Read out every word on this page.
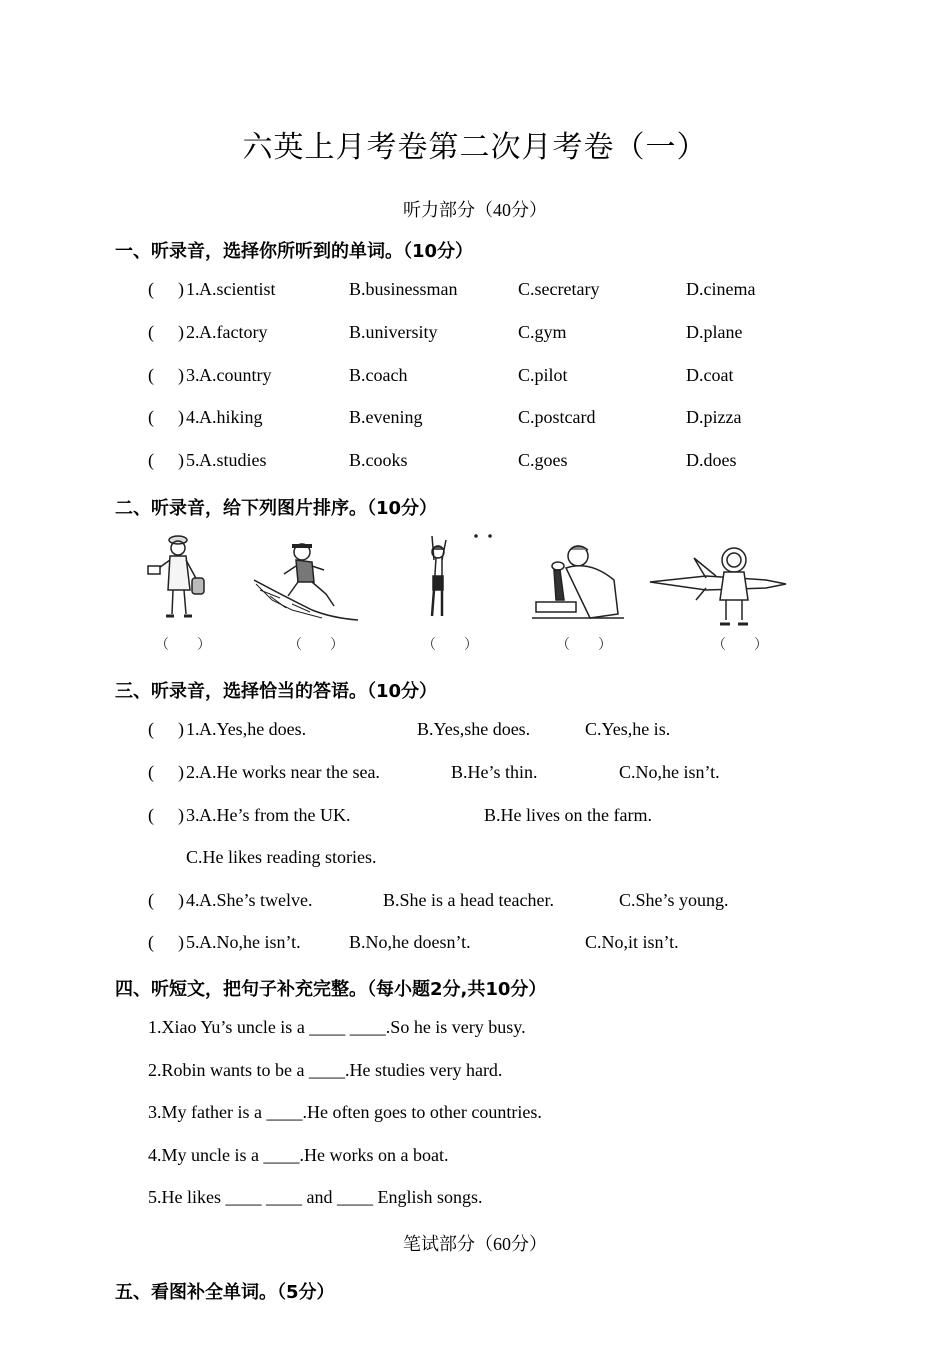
六英上月考卷第二次月考卷（一）
听力部分（40分）
一、听录音，选择你所听到的单词。（10分）
( ) 1. A.scientist	B.businessman	C.secretary	D.cinema
( ) 2. A.factory	B.university	C.gym	D.plane
( ) 3. A.country	B.coach	C.pilot	D.coat
( ) 4. A.hiking	B.evening	C.postcard	D.pizza
( ) 5. A.studies	B.cooks	C.goes	D.does
二、听录音，给下列图片排序。（10分）
（　　）	（　　）	（　　）	（　　）	（　　）
三、听录音，选择恰当的答语。（10分）
( ) 1. A.Yes,he does.	B.Yes,she does.	C.Yes,he is.
( ) 2. A.He works near the sea.	B.He’s thin.	C.No,he isn’t.
( ) 3. A.He’s from the UK.	B.He lives on the farm.
C.He likes reading stories.
( ) 4. A.She’s twelve.	B.She is a head teacher.	C.She’s young.
( ) 5. A.No,he isn’t.	B.No,he doesn’t.	C.No,it isn’t.
四、听短文，把句子补充完整。（每小题2分,共10分）
1.Xiao Yu’s uncle is a ____ ____.So he is very busy.
2.Robin wants to be a ____.He studies very hard.
3.My father is a ____.He often goes to other countries.
4.My uncle is a ____.He works on a boat.
5.He likes ____ ____ and ____ English songs.
笔试部分（60分）
五、看图补全单词。（5分）
